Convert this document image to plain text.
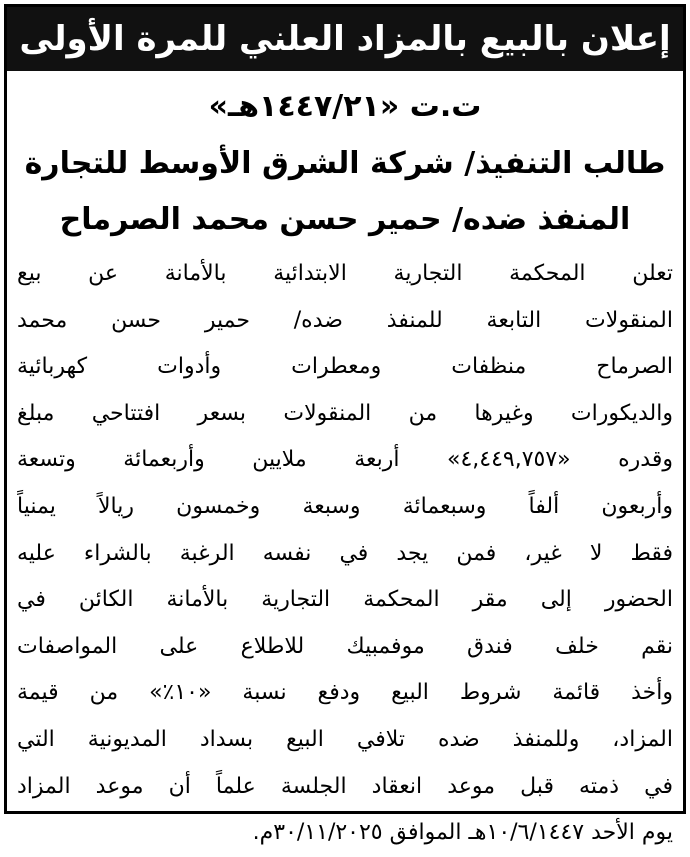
إعلان بالبيع بالمزاد العلني للمرة الأولى
ت.ت «١٤٤٧/٢١هـ»
طالب التنفيذ/ شركة الشرق الأوسط للتجارة
المنفذ ضده/ حمير حسن محمد الصرماح
تعلن المحكمة التجارية الابتدائية بالأمانة عن بيع
المنقولات التابعة للمنفذ ضده/ حمير حسن محمد
الصرماح منظفات ومعطرات وأدوات كهربائية
والديكورات وغيرها من المنقولات بسعر افتتاحي مبلغ
وقدره «٤,٤٤٩,٧٥٧» أربعة ملايين وأربعمائة وتسعة
وأربعون ألفاً وسبعمائة وسبعة وخمسون ريالاً يمنياً
فقط لا غير، فمن يجد في نفسه الرغبة بالشراء عليه
الحضور إلى مقر المحكمة التجارية بالأمانة الكائن في
نقم خلف فندق موفمبيك للاطلاع على المواصفات
وأخذ قائمة شروط البيع ودفع نسبة «١٠٪» من قيمة
المزاد، وللمنفذ ضده تلافي البيع بسداد المديونية التي
في ذمته قبل موعد انعقاد الجلسة علماً أن موعد المزاد
يوم الأحد ١٠/٦/١٤٤٧هـ الموافق ٣٠/١١/٢٠٢٥م.
